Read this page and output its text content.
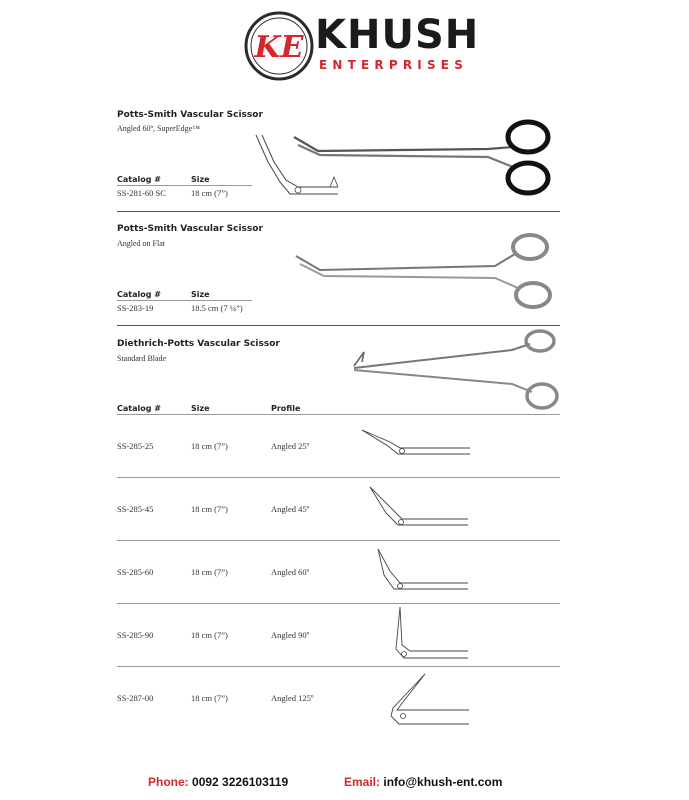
KE KHUSH
ENTERPRISES
Potts-Smith Vascular Scissor
Angled 60º, SuperEdge™
Catalog #	Size
SS-281-60 SC	18 cm (7”)
Potts-Smith Vascular Scissor
Angled on Flat
Catalog #	Size
SS-283-19	18.5 cm (7 ¼”)
Diethrich-Potts Vascular Scissor
Standard Blade
Catalog #	Size	Profile
SS-285-25	18 cm (7”)	Angled 25º
SS-285-45	18 cm (7”)	Angled 45º
SS-285-60	18 cm (7”)	Angled 60º
SS-285-90	18 cm (7”)	Angled 90º
SS-287-00	18 cm (7”)	Angled 125º
Phone: 0092 3226103119	Email: info@khush-ent.com
